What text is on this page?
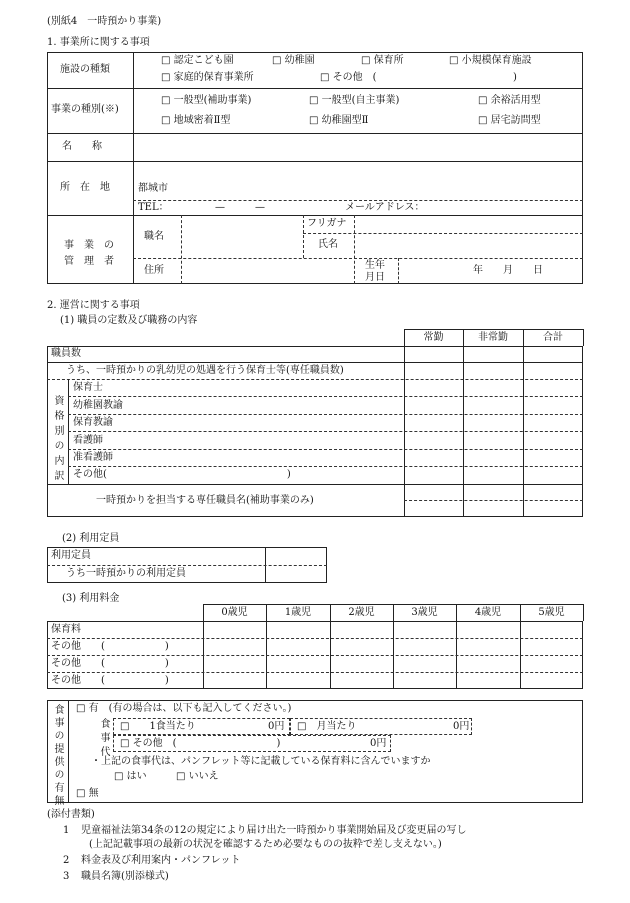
(別紙4　一時預かり事業)
1. 事業所に関する事項
施設の種類
□ 認定こども園	□ 幼稚園	□ 保育所	□ 小規模保育施設
□ 家庭的保育事業所	□ その他　( 　　　　　　　　　　　　)
事業の種別(※)
□ 一般型(補助事業)	□ 一般型(自主事業)	□ 余裕活用型
□ 地域密着Ⅱ型	□ 幼稚園型Ⅱ	□ 居宅訪問型
名　　称
所　在　地	都城市
TEL：	—　　　—	メールアドレス：
事　業　の
管　理　者
職名
フリガナ
氏名
住所	生年
月日
年　　月　　日
2. 運営に関する事項
(1) 職員の定数及び職務の内容
常勤	非常勤	合計
職員数
うち、一時預かりの乳幼児の処遇を行う保育士等(専任職員数)
資格別の内訳
保育士
幼稚園教諭
保育教諭
看護師
准看護師
その他(　　　　　　　　　　　　　　　　　　)
一時預かりを担当する専任職員名(補助事業のみ)
(2) 利用定員
利用定員
うち一時預かりの利用定員
(3) 利用料金
0歳児	1歳児	2歳児	3歳児	4歳児	5歳児
保育料
その他　　(　　　　　　)
その他　　(　　　　　　)
その他　　(　　　　　　)
食事の提供の有無 □ 有　(有の場合は、以下も記入してください。)
食事代 □　　1食当たり	0円 □　月当たり	0円
□ その他　(　　　　　　　　　　)	0円
・上記の食事代は、パンフレット等に記載している保育料に含んでいますか
□ はい	□ いいえ
□ 無
(添付書類)
1 児童福祉法第34条の12の規定により届け出た一時預かり事業開始届及び変更届の写し
(上記記載事項の最新の状況を確認するため必要なものの抜粋で差し支えない。)
2 料金表及び利用案内・パンフレット
3 職員名簿(別添様式)
